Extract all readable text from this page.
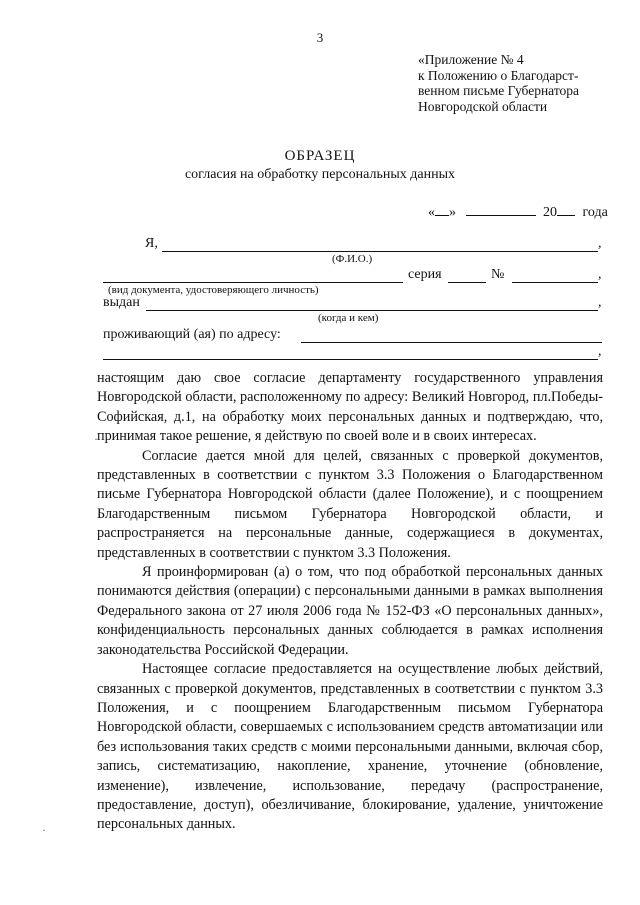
3
«Приложение № 4
к Положению о Благодарст-
венном письме Губернатора
Новгородской области
ОБРАЗЕЦ
согласия на обработку персональных данных
« »	20 года
Я,	,
(Ф.И.О.)
серия	№	,
(вид документа, удостоверяющего личность)
выдан	,
(когда и кем)
проживающий (ая) по адресу:
,
·
·

настоящим даю свое согласие департаменту государственного управления Новгородской области, расположенному по адресу: Великий Новгород, пл.Победы-Софийская, д.1, на обработку моих персональных данных и подтверждаю, что, принимая такое решение, я действую по своей воле и в своих интересах.

Согласие дается мной для целей, связанных с проверкой документов, представленных в соответствии с пунктом 3.3 Положения о Благодарственном письме Губернатора Новгородской области (далее Положение), и с поощрением Благодарственным письмом Губернатора Новгородской области, и распространяется на персональные данные, содержащиеся в документах, представленных в соответствии с пунктом 3.3 Положения.

Я проинформирован (а) о том, что под обработкой персональных данных понимаются действия (операции) с персональными данными в рамках выполнения Федерального закона от 27 июля 2006 года № 152-ФЗ «О персональных данных», конфиденциальность персональных данных соблюдается в рамках исполнения законодательства Российской Федерации.

Настоящее согласие предоставляется на осуществление любых действий, связанных с проверкой документов, представленных в соответствии с пунктом 3.3 Положения, и с поощрением Благодарственным письмом Губернатора Новгородской области, совершаемых с использованием средств автоматизации или без использования таких средств с моими персональными данными, включая сбор, запись, систематизацию, накопление, хранение, уточнение (обновление, изменение), извлечение, использование, передачу (распространение, предоставление, доступ), обезличивание, блокирование, удаление, уничтожение персональных данных.
